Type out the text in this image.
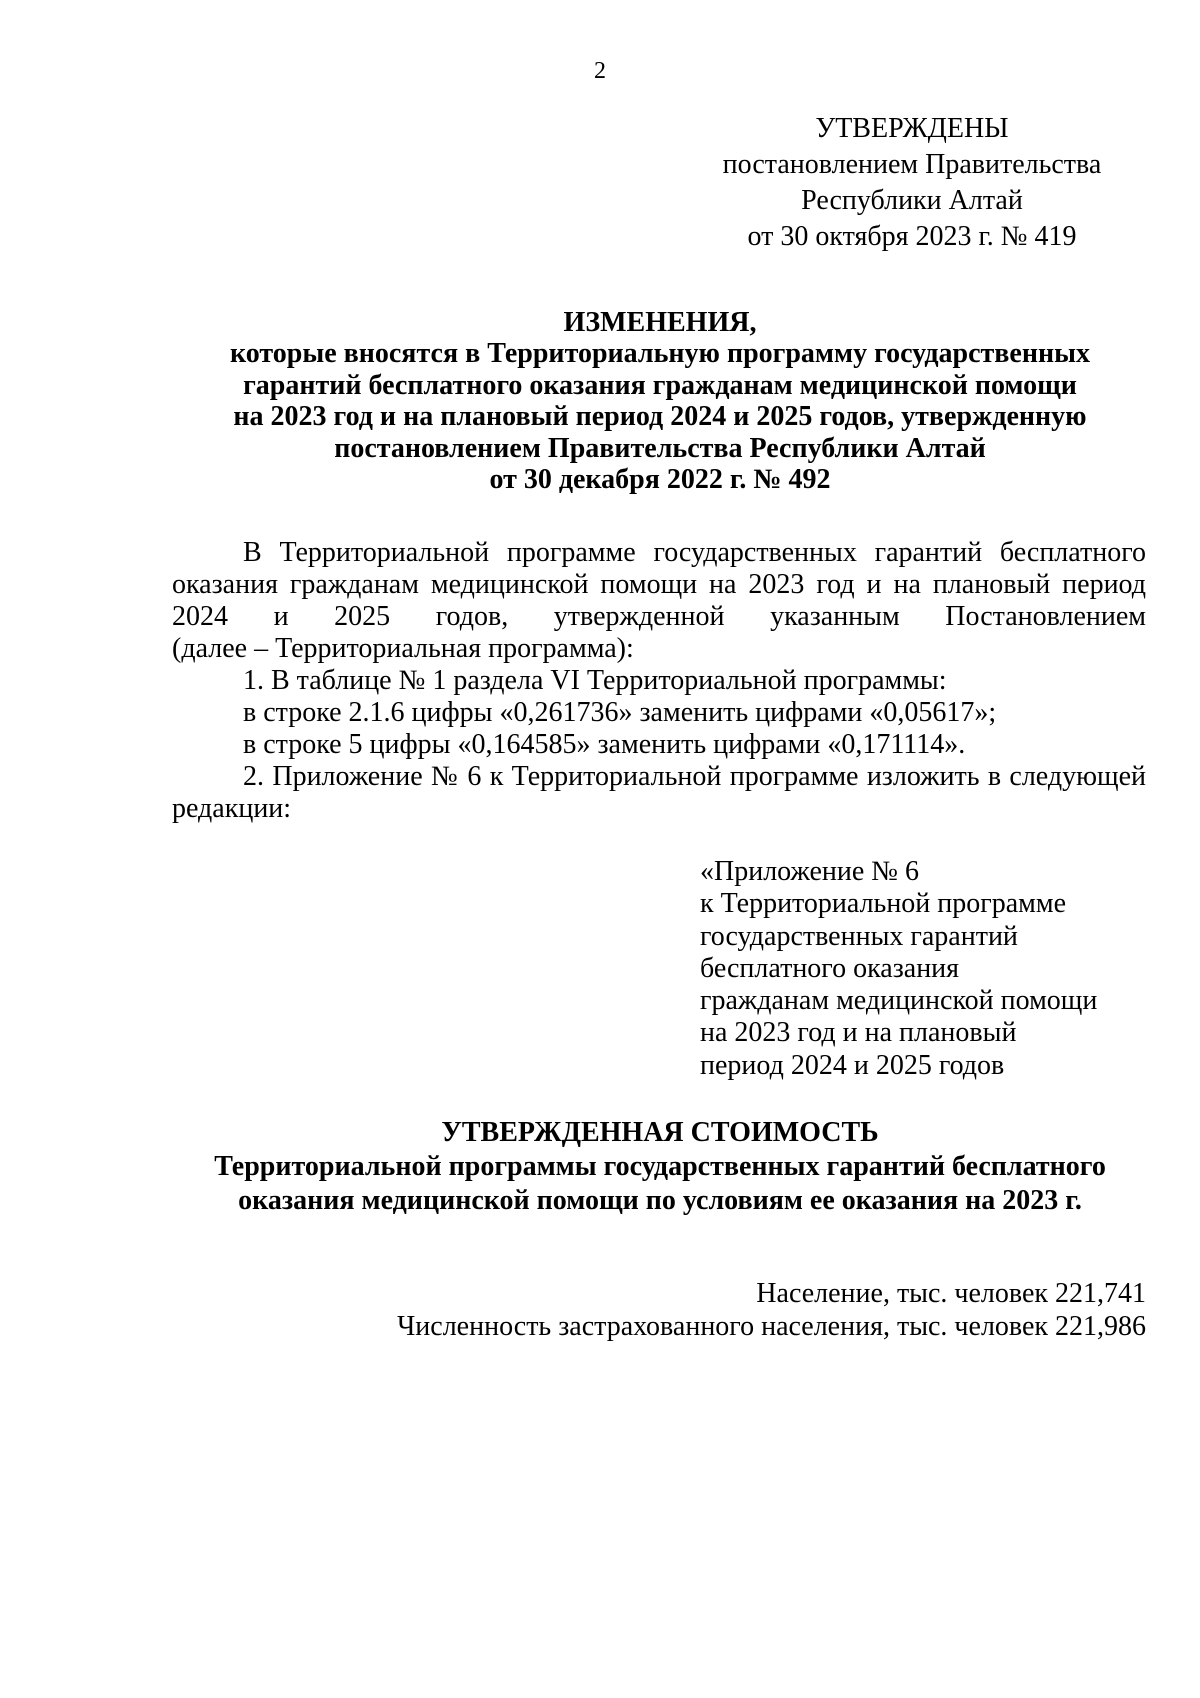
2
УТВЕРЖДЕНЫ
постановлением Правительства
Республики Алтай
от 30 октября 2023 г. № 419
ИЗМЕНЕНИЯ,
которые вносятся в Территориальную программу государственных
гарантий бесплатного оказания гражданам медицинской помощи
на 2023 год и на плановый период 2024 и 2025 годов, утвержденную
постановлением Правительства Республики Алтай
от 30 декабря 2022 г. № 492
В Территориальной программе государственных гарантий бесплатного
оказания гражданам медицинской помощи на 2023 год и на плановый период
2024 и 2025 годов, утвержденной указанным Постановлением
(далее – Территориальная программа):
1. В таблице № 1 раздела VI Территориальной программы:
в строке 2.1.6 цифры «0,261736» заменить цифрами «0,05617»;
в строке 5 цифры «0,164585» заменить цифрами «0,171114».
2. Приложение № 6 к Территориальной программе изложить в следующей
редакции:
«Приложение № 6
к Территориальной программе
государственных гарантий
бесплатного оказания
гражданам медицинской помощи
на 2023 год и на плановый
период 2024 и 2025 годов
УТВЕРЖДЕННАЯ СТОИМОСТЬ
Территориальной программы государственных гарантий бесплатного
оказания медицинской помощи по условиям ее оказания на 2023 г.
Население, тыс. человек 221,741
Численность застрахованного населения, тыс. человек 221,986
